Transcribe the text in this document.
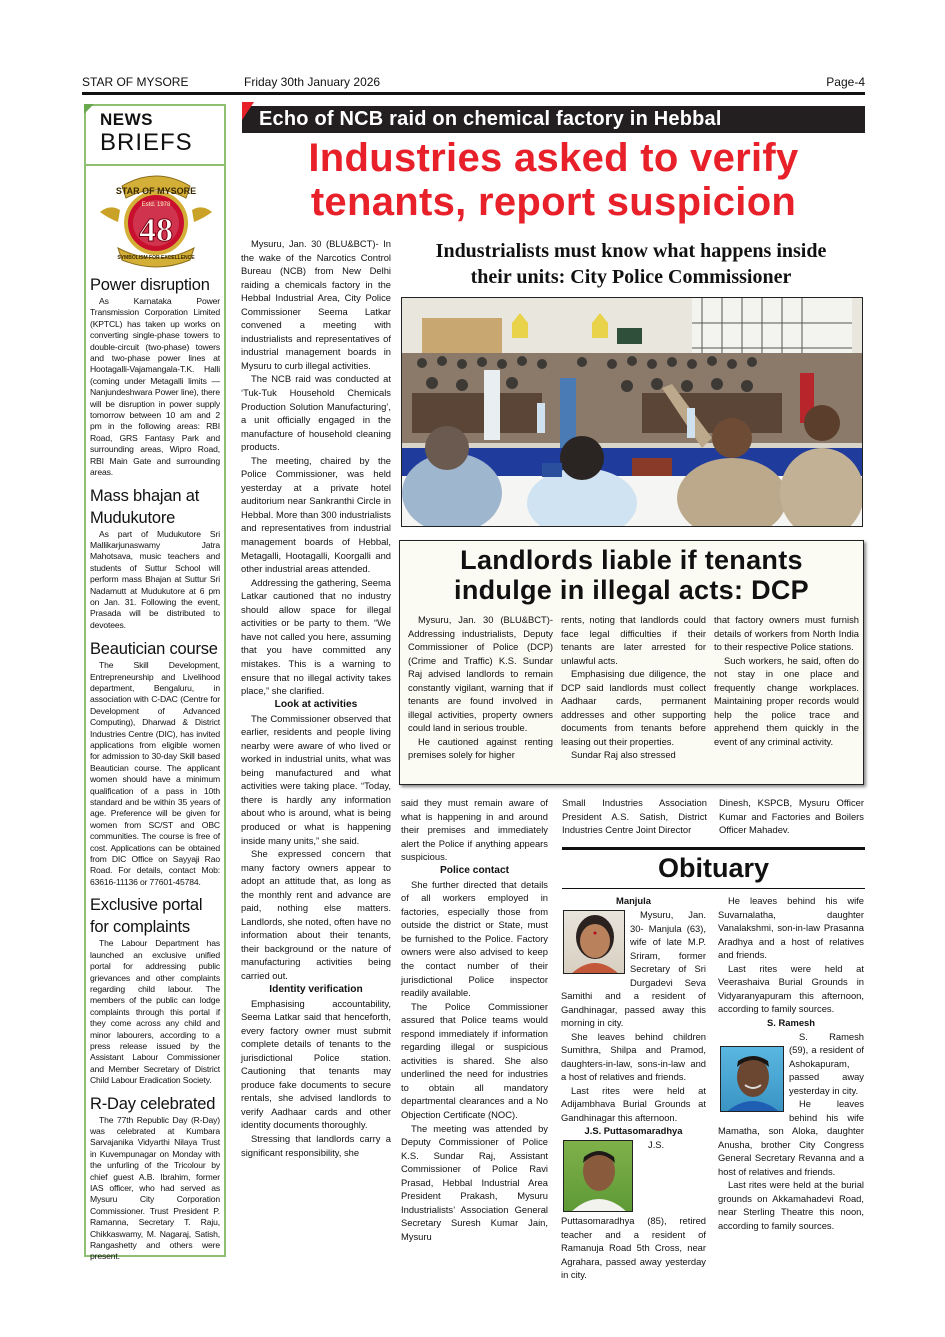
STAR OF MYSORE	Friday 30th January 2026	Page-4
NEWS
BRIEFS
STAR OF MYSORE
Estd. 1978
48
SYMBOLISM FOR EXCELLENCE
Power disruption

As Karnataka Power Transmission Corporation Limited (KPTCL) has taken up works on converting single-phase towers to double-circuit (two-phase) towers and two-phase power lines at Hootagalli-Vajamangala-T.K. Halli (coming under Metagalli limits — Nanjundeshwara Power line), there will be disruption in power supply tomorrow between 10 am and 2 pm in the following areas: RBI Road, GRS Fantasy Park and surrounding areas, Wipro Road, RBI Main Gate and surrounding areas.

Mass bhajan at Mudukutore

As part of Mudukutore Sri Mallikarjunaswamy Jatra Mahotsava, music teachers and students of Suttur School will perform mass Bhajan at Suttur Sri Nadamutt at Mudukutore at 6 pm on Jan. 31. Following the event, Prasada will be distributed to devotees.

Beautician course

The Skill Development, Entrepreneurship and Livelihood department, Bengaluru, in association with C-DAC (Centre for Development of Advanced Computing), Dharwad & District Industries Centre (DIC), has invited applications from eligible women for admission to 30-day Skill based Beautician course. The applicant women should have a minimum qualification of a pass in 10th standard and be within 35 years of age. Preference will be given for women from SC/ST and OBC communities. The course is free of cost. Applications can be obtained from DIC Office on Sayyaji Rao Road. For details, contact Mob: 63616-11136 or 77601-45784.

Exclusive portal for complaints

The Labour Department has launched an exclusive unified portal for addressing public grievances and other complaints regarding child labour. The members of the public can lodge complaints through this portal if they come across any child and minor labourers, according to a press release issued by the Assistant Labour Commissioner and Member Secretary of District Child Labour Eradication Society.

R-Day celebrated

The 77th Republic Day (R-Day) was celebrated at Kumbara Sarvajanika Vidyarthi Nilaya Trust in Kuvempunagar on Monday with the unfurling of the Tricolour by chief guest A.B. Ibrahim, former IAS officer, who had served as Mysuru City Corporation Commissioner. Trust President P. Ramanna, Secretary T. Raju, Chikkaswamy, M. Nagaraj, Satish, Rangashetty and others were present.

Echo of NCB raid on chemical factory in Hebbal
Industries asked to verify
tenants, report suspicion
Industrialists must know what happens inside
their units: City Police Commissioner

Mysuru, Jan. 30 (BLU&BCT)- In the wake of the Narcotics Control Bureau (NCB) from New Delhi raiding a chemicals factory in the Hebbal Industrial Area, City Police Commissioner Seema Latkar convened a meeting with industrialists and representatives of industrial management boards in Mysuru to curb illegal activities.

The NCB raid was conducted at ‘Tuk-Tuk Household Chemicals Production Solution Manufacturing’, a unit officially engaged in the manufacture of household cleaning products.

The meeting, chaired by the Police Commissioner, was held yesterday at a private hotel auditorium near Sankranthi Circle in Hebbal. More than 300 industrialists and representatives from industrial management boards of Hebbal, Metagalli, Hootagalli, Koorgalli and other industrial areas attended.

Addressing the gathering, Seema Latkar cautioned that no industry should allow space for illegal activities or be party to them. “We have not called you here, assuming that you have committed any mistakes. This is a warning to ensure that no illegal activity takes place,” she clarified.

Look at activities

The Commissioner observed that earlier, residents and people living nearby were aware of who lived or worked in industrial units, what was being manufactured and what activities were taking place. “Today, there is hardly any information about who is around, what is being produced or what is happening inside many units,” she said.

She expressed concern that many factory owners appear to adopt an attitude that, as long as the monthly rent and advance are paid, nothing else matters. Landlords, she noted, often have no information about their tenants, their background or the nature of manufacturing activities being carried out.

Identity verification

Emphasising accountability, Seema Latkar said that henceforth, every factory owner must submit complete details of tenants to the jurisdictional Police station. Cautioning that tenants may produce fake documents to secure rentals, she advised landlords to verify Aadhaar cards and other identity documents thoroughly.

Stressing that landlords carry a significant responsibility, she

Landlords liable if tenants
indulge in illegal acts: DCP

Mysuru, Jan. 30 (BLU&BCT)- Addressing industrialists, Deputy Commissioner of Police (DCP) (Crime and Traffic) K.S. Sundar Raj advised landlords to remain constantly vigilant, warning that if tenants are found involved in illegal activities, property owners could land in serious trouble.

He cautioned against renting premises solely for higher

rents, noting that landlords could face legal difficulties if their tenants are later arrested for unlawful acts.

Emphasising due diligence, the DCP said landlords must collect Aadhaar cards, permanent addresses and other supporting documents from tenants before leasing out their properties.

Sundar Raj also stressed

that factory owners must furnish details of workers from North India to their respective Police stations.

Such workers, he said, often do not stay in one place and frequently change workplaces. Maintaining proper records would help the police trace and apprehend them quickly in the event of any criminal activity.

said they must remain aware of what is happening in and around their premises and immediately alert the Police if anything appears suspicious.

Police contact

She further directed that details of all workers employed in factories, especially those from outside the district or State, must be furnished to the Police. Factory owners were also advised to keep the contact number of their jurisdictional Police inspector readily available.

The Police Commissioner assured that Police teams would respond immediately if information regarding illegal or suspicious activities is shared. She also underlined the need for industries to obtain all mandatory departmental clearances and a No Objection Certificate (NOC).

The meeting was attended by Deputy Commissioner of Police K.S. Sundar Raj, Assistant Commissioner of Police Ravi Prasad, Hebbal Industrial Area President Prakash, Mysuru Industrialists’ Association General Secretary Suresh Kumar Jain, Mysuru

Small Industries Association President A.S. Satish, District Industries Centre Joint Director

Dinesh, KSPCB, Mysuru Officer Kumar and Factories and Boilers Officer Mahadev.

Obituary
Manjula

Mysuru, Jan. 30- Manjula (63), wife of late M.P. Sriram, former Secretary of Sri Durgadevi Seva Samithi and a resident of Gandhinagar, passed away this morning in city.

She leaves behind children Sumithra, Shilpa and Pramod, daughters-in-law, sons-in-law and a host of relatives and friends.

Last rites were held at Adijambhava Burial Grounds at Gandhinagar this afternoon.

J.S. Puttasomaradhya

J.S. Puttasomaradhya (85), retired teacher and a resident of Ramanuja Road 5th Cross, near Agrahara, passed away yesterday in city.

He leaves behind his wife Suvarnalatha, daughter Vanalakshmi, son-in-law Prasanna Aradhya and a host of relatives and friends.

Last rites were held at Veerashaiva Burial Grounds in Vidyaranyapuram this afternoon, according to family sources.

S. Ramesh

S. Ramesh (59), a resident of Ashokapuram, passed away yesterday in city.

He leaves behind his wife Mamatha, son Aloka, daughter Anusha, brother City Congress General Secretary Revanna and a host of relatives and friends.

Last rites were held at the burial grounds on Akkamahadevi Road, near Sterling Theatre this noon, according to family sources.
